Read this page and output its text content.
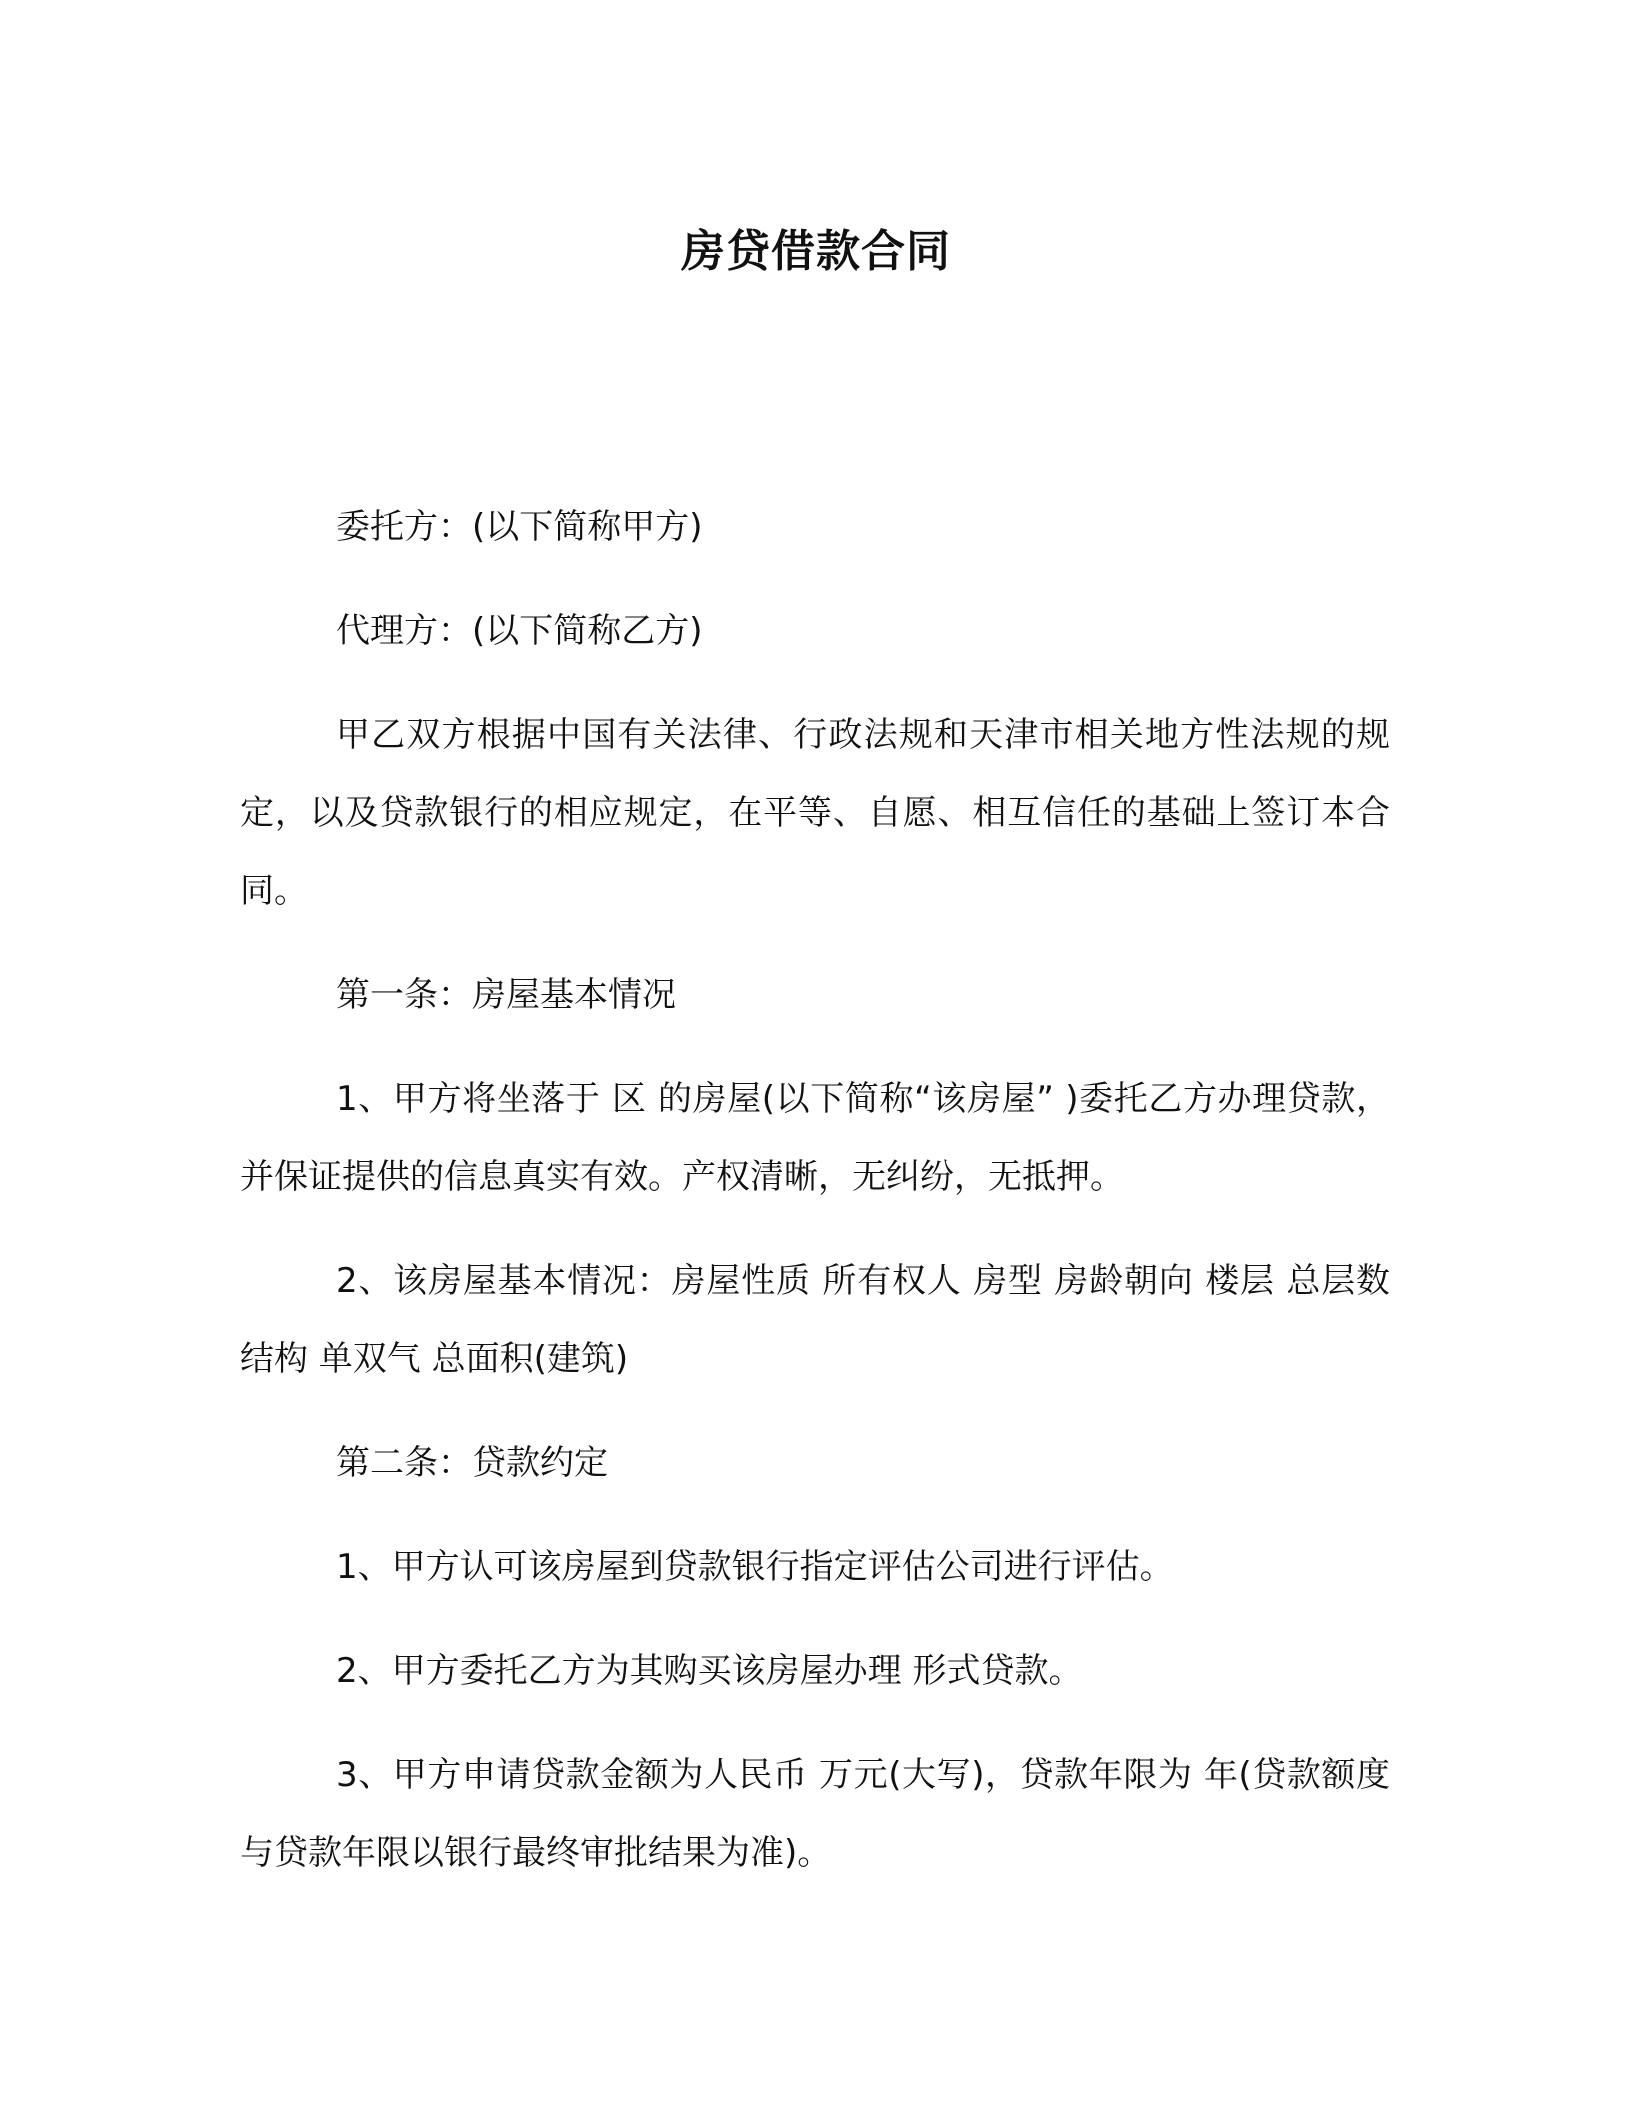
房贷借款合同

委托方：(以下简称甲方)

代理方：(以下简称乙方)

甲乙双方根据中国有关法律、行政法规和天津市相关地方性法规的规定，以及贷款银行的相应规定，在平等、自愿、相互信任的基础上签订本合同。

第一条：房屋基本情况

1、甲方将坐落于 区 的房屋(以下简称“该房屋” )委托乙方办理贷款，并保证提供的信息真实有效。产权清晰，无纠纷，无抵押。

2、该房屋基本情况：房屋性质 所有权人 房型 房龄朝向 楼层 总层数 结构 单双气 总面积(建筑)

第二条：贷款约定

1、甲方认可该房屋到贷款银行指定评估公司进行评估。

2、甲方委托乙方为其购买该房屋办理 形式贷款。

3、甲方申请贷款金额为人民币 万元(大写)，贷款年限为 年(贷款额度与贷款年限以银行最终审批结果为准)。
